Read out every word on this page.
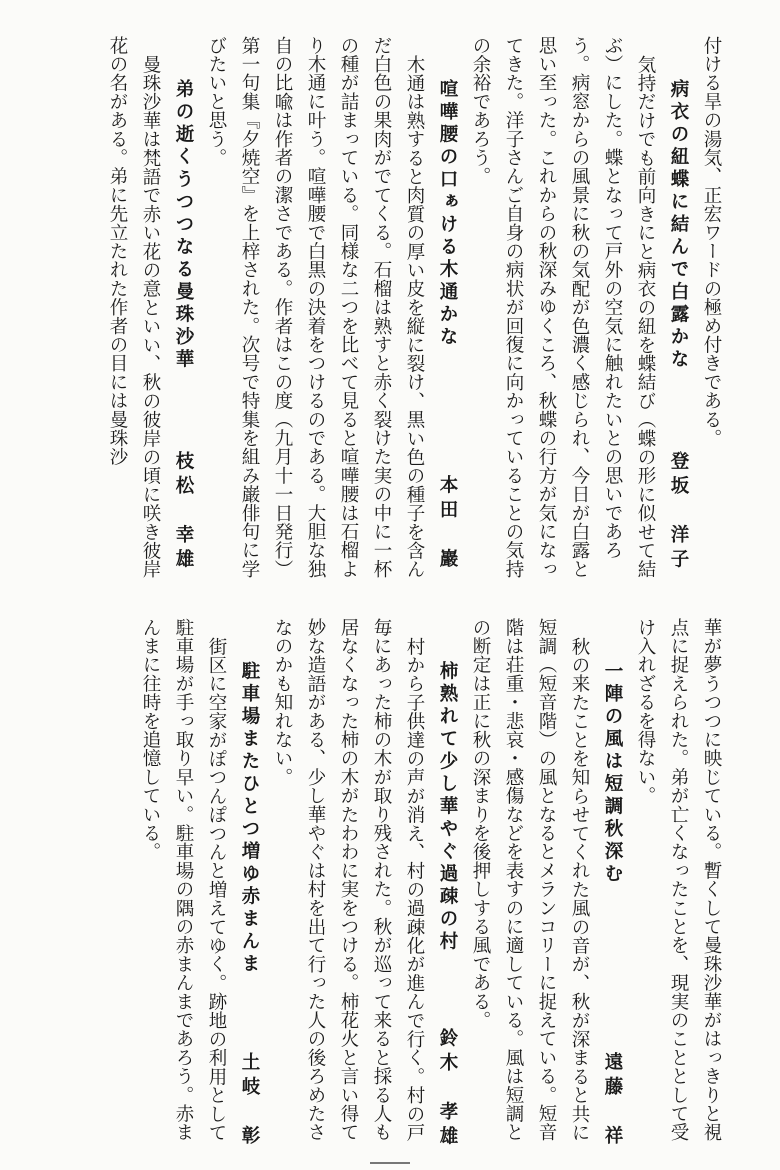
付ける旱の湯気、正宏ワードの極め付きである。

病衣の紐蝶に結んで白露かな
登坂　洋子

気持だけでも前向きにと病衣の紐を蝶結び（蝶の形に似せて結ぶ）にした。蝶となって戸外の空気に触れたいとの思いであろう。病窓からの風景に秋の気配が色濃く感じられ、今日が白露と思い至った。これからの秋深みゆくころ、秋蝶の行方が気になってきた。洋子さんご自身の病状が回復に向かっていることの気持の余裕であろう。

喧嘩腰の口ぁける木通かな
本田　巖

木通は熟すると肉質の厚い皮を縦に裂け、黒い色の種子を含んだ白色の果肉がでてくる。石榴は熟すと赤く裂けた実の中に一杯の種が詰まっている。同様な二つを比べて見ると喧嘩腰は石榴より木通に叶う。喧嘩腰で白黒の決着をつけるのである。大胆な独自の比喩は作者の潔さである。作者はこの度（九月十一日発行）第一句集『夕焼空』を上梓された。次号で特集を組み巌俳句に学びたいと思う。

弟の逝くうつつなる曼珠沙華
枝松　幸雄

曼珠沙華は梵語で赤い花の意といい、秋の彼岸の頃に咲き彼岸花の名がある。弟に先立たれた作者の目には曼珠沙

華が夢うつつに映じている。暫くして曼珠沙華がはっきりと視点に捉えられた。弟が亡くなったことを、現実のこととして受け入れざるを得ない。

一陣の風は短調秋深む
遠藤　祥

秋の来たことを知らせてくれた風の音が、秋が深まると共に短調（短音階）の風となるとメランコリーに捉えている。短音階は荘重・悲哀・感傷などを表すのに適している。風は短調との断定は正に秋の深まりを後押しする風である。

柿熟れて少し華やぐ過疎の村
鈴木　孝雄

村から子供達の声が消え、村の過疎化が進んで行く。村の戸毎にあった柿の木が取り残された。秋が巡って来ると採る人も居なくなった柿の木がたわわに実をつける。柿花火と言い得て妙な造語がある、少し華やぐは村を出て行った人の後ろめたさなのかも知れない。

駐車場またひとつ増ゆ赤まんま
土岐　彰

街区に空家がぽつんぽつんと増えてゆく。跡地の利用として駐車場が手っ取り早い。駐車場の隅の赤まんまであろう。赤まんまに往時を追憶している。
